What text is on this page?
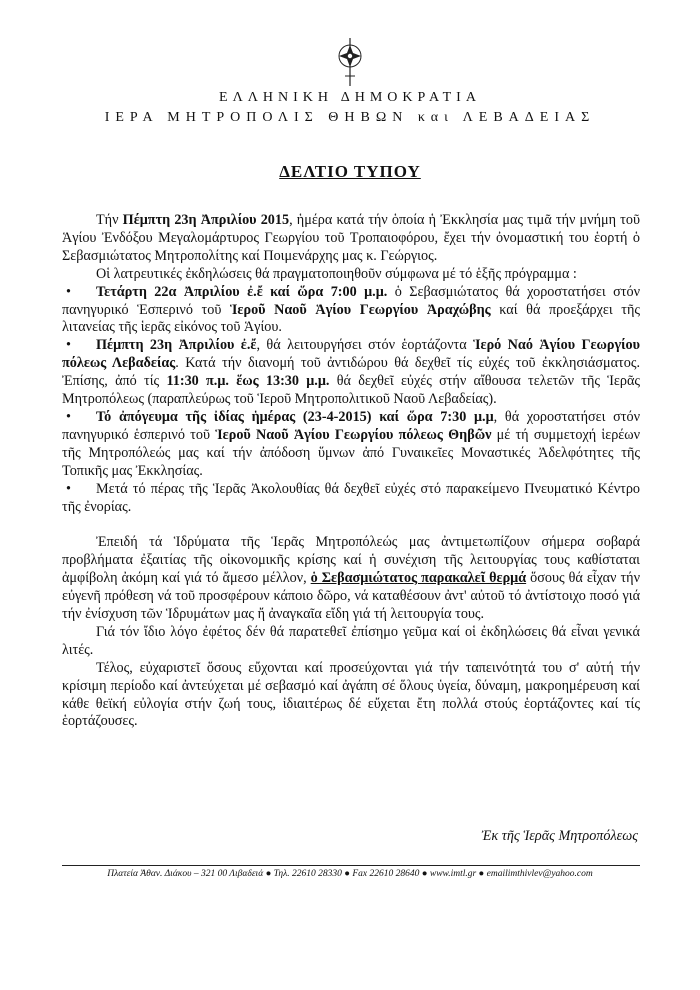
ΕΛΛΗΝΙΚΗ ΔΗΜΟΚΡΑΤΙΑ
ΙΕΡΑ ΜΗΤΡΟΠΟΛΙΣ ΘΗΒΩΝ και ΛΕΒΑΔΕΙΑΣ
ΔΕΛΤΙΟ ΤΥΠΟΥ

Τήν Πέμπτη 23η Ἀπριλίου 2015, ἡμέρα κατά τήν ὁποία ἡ Ἐκκλησία μας τιμᾶ τήν μνήμη τοῦ Ἁγίου Ἐνδόξου Μεγαλομάρτυρος Γεωργίου τοῦ Τροπαιοφόρου, ἔχει τήν ὀνομαστική του ἑορτή ὁ Σεβασμιώτατος Μητροπολίτης καί Ποιμενάρχης μας κ. Γεώργιος.

Οἱ λατρευτικές ἐκδηλώσεις θά πραγματοποιηθοῦν σύμφωνα μέ τό ἑξῆς πρόγραμμα :

• Τετάρτη 22α Ἀπριλίου ἐ.ἔ καί ὥρα 7:00 μ.μ. ὁ Σεβασμιώτατος θά χοροστατήσει στόν πανηγυρικό Ἑσπερινό τοῦ Ἱεροῦ Ναοῦ Ἁγίου Γεωργίου Ἀραχώβης καί θά προεξάρχει τῆς λιτανείας τῆς ἱερᾶς εἰκόνος τοῦ Ἁγίου.

• Πέμπτη 23η Ἀπριλίου ἐ.ἔ, θά λειτουργήσει στόν ἑορτάζοντα Ἱερό Ναό Ἁγίου Γεωργίου πόλεως Λεβαδείας. Κατά τήν διανομή τοῦ ἀντιδώρου θά δεχθεῖ τίς εὐχές τοῦ ἐκκλησιάσματος. Ἐπίσης, ἀπό τίς 11:30 π.μ. ἕως 13:30 μ.μ. θά δεχθεῖ εὐχές στήν αἴθουσα τελετῶν τῆς Ἱερᾶς Μητροπόλεως (παραπλεύρως τοῦ Ἱεροῦ Μητροπολιτικοῦ Ναοῦ Λεβαδείας).

• Τό ἀπόγευμα τῆς ἰδίας ἡμέρας (23-4-2015) καί ὥρα 7:30 μ.μ, θά χοροστατήσει στόν πανηγυρικό ἑσπερινό τοῦ Ἱεροῦ Ναοῦ Ἁγίου Γεωργίου πόλεως Θηβῶν μέ τή συμμετοχή ἱερέων τῆς Μητροπόλεώς μας καί τήν ἀπόδοση ὕμνων ἀπό Γυναικεῖες Μοναστικές Ἀδελφότητες τῆς Τοπικῆς μας Ἐκκλησίας.

• Μετά τό πέρας τῆς Ἱερᾶς Ἀκολουθίας θά δεχθεῖ εὐχές στό παρακείμενο Πνευματικό Κέντρο τῆς ἐνορίας.

Ἐπειδή τά Ἱδρύματα τῆς Ἱερᾶς Μητροπόλεώς μας ἀντιμετωπίζουν σήμερα σοβαρά προβλήματα ἐξαιτίας τῆς οἰκονομικῆς κρίσης καί ἡ συνέχιση τῆς λειτουργίας τους καθίσταται ἀμφίβολη ἀκόμη καί γιά τό ἄμεσο μέλλον, ὁ Σεβασμιώτατος παρακαλεῖ θερμά ὅσους θά εἶχαν τήν εὐγενῆ πρόθεση νά τοῦ προσφέρουν κάποιο δῶρο, νά καταθέσουν ἀντ' αὐτοῦ τό ἀντίστοιχο ποσό γιά τήν ἐνίσχυση τῶν Ἱδρυμάτων μας ἤ ἀναγκαῖα εἴδη γιά τή λειτουργία τους.

Γιά τόν ἴδιο λόγο ἐφέτος δέν θά παρατεθεῖ ἐπίσημο γεῦμα καί οἱ ἐκδηλώσεις θά εἶναι γενικά λιτές.

Τέλος, εὐχαριστεῖ ὅσους εὔχονται καί προσεύχονται γιά τήν ταπεινότητά του σ' αὐτή τήν κρίσιμη περίοδο καί ἀντεύχεται μέ σεβασμό καί ἀγάπη σέ ὅλους ὑγεία, δύναμη, μακροημέρευση καί κάθε θεϊκή εὐλογία στήν ζωή τους, ἰδιαιτέρως δέ εὔχεται ἔτη πολλά στούς ἑορτάζοντες καί τίς ἑορτάζουσες.

Ἐκ τῆς Ἱερᾶς Μητροπόλεως
Πλατεία Ἀθαν. Διάκου – 321 00 Λιβαδειά ● Τηλ. 22610 28330 ● Fax 22610 28640 ● www.imtl.gr ● emailimthivlev@yahoo.com
